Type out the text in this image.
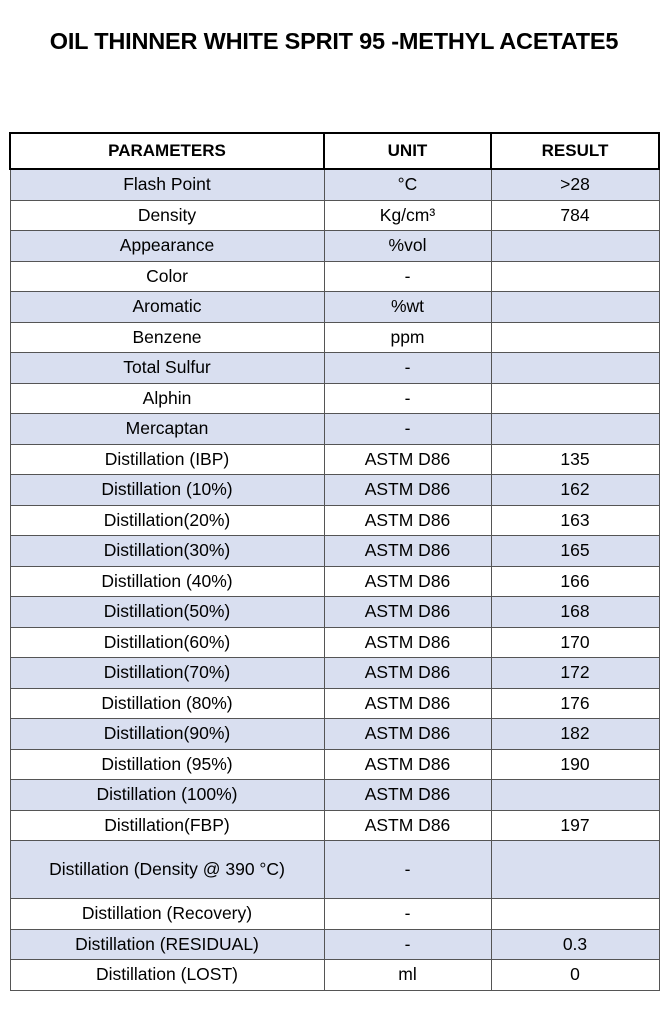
OIL THINNER WHITE SPRIT 95 -METHYL ACETATE5
PARAMETERS	UNIT	RESULT
Flash Point	°C	>28
Density	Kg/cm³	784
Appearance	%vol	
Color	-	
Aromatic	%wt	
Benzene	ppm	
Total Sulfur	-	
Alphin	-	
Mercaptan	-	
Distillation (IBP)	ASTM D86	135
Distillation (10%)	ASTM D86	162
Distillation(20%)	ASTM D86	163
Distillation(30%)	ASTM D86	165
Distillation (40%)	ASTM D86	166
Distillation(50%)	ASTM D86	168
Distillation(60%)	ASTM D86	170
Distillation(70%)	ASTM D86	172
Distillation (80%)	ASTM D86	176
Distillation(90%)	ASTM D86	182
Distillation (95%)	ASTM D86	190
Distillation (100%)	ASTM D86	
Distillation(FBP)	ASTM D86	197
Distillation (Density @ 390 °C)	-	
Distillation (Recovery)	-	
Distillation (RESIDUAL)	-	0.3
Distillation (LOST)	ml	0
